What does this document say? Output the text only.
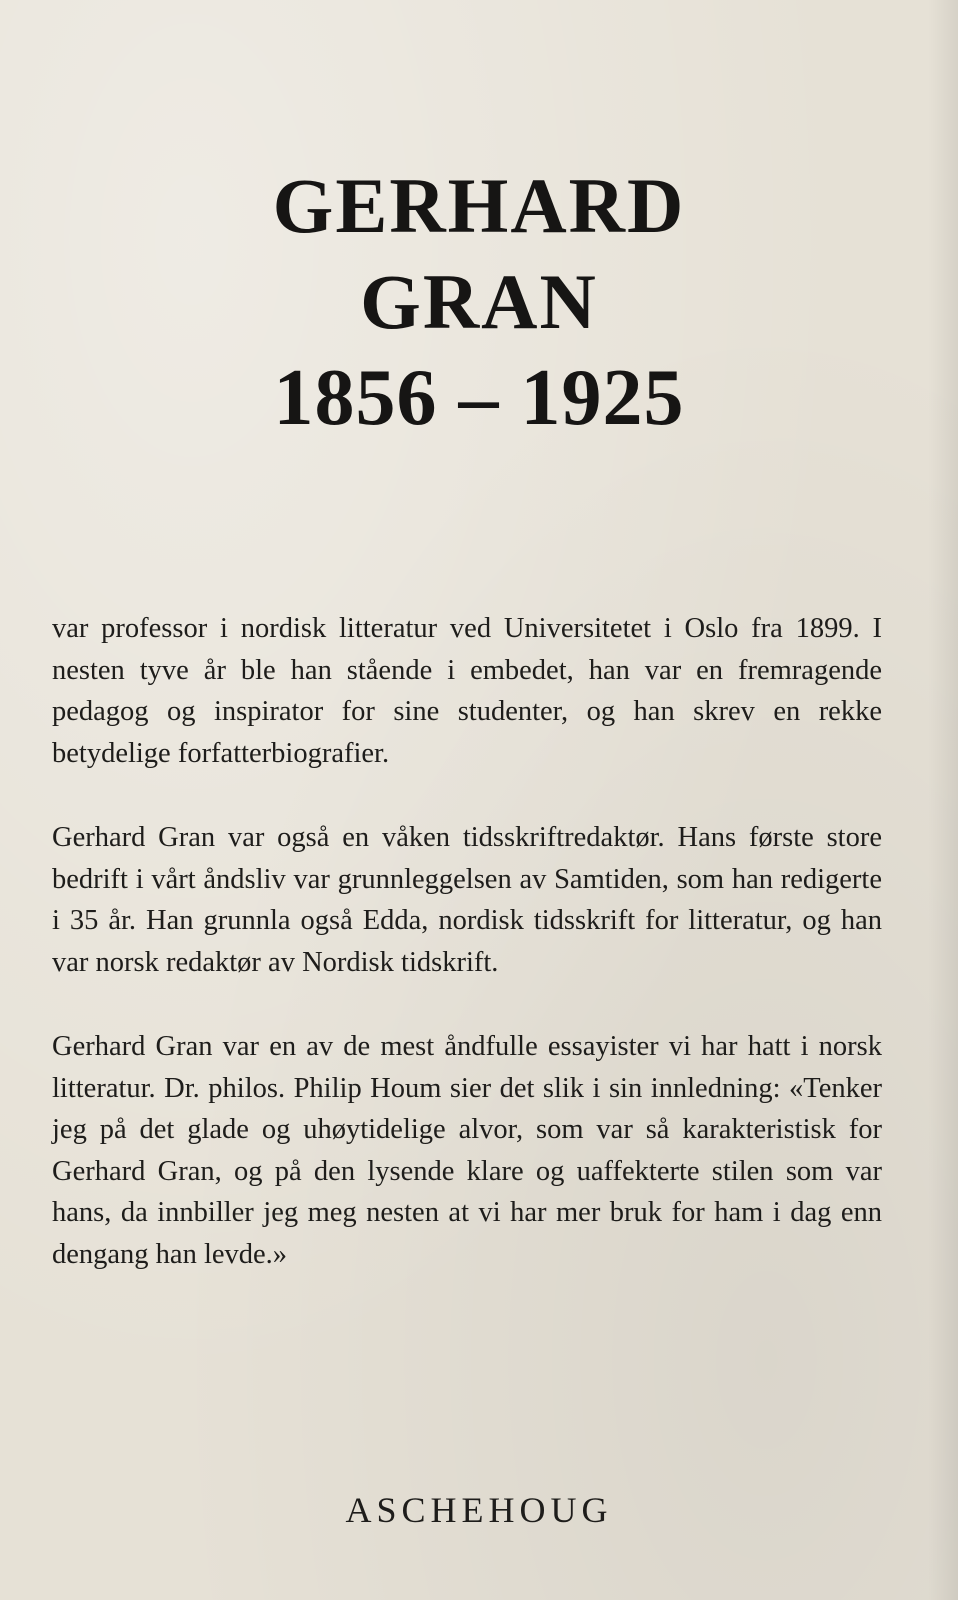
GERHARD
GRAN
1856 – 1925

var professor i nordisk litteratur ved Universitetet i Oslo fra 1899. I nesten tyve år ble han stående i embedet, han var en fremragende pedagog og inspirator for sine studenter, og han skrev en rekke betydelige forfatterbiografier.

Gerhard Gran var også en våken tidsskriftredaktør. Hans første store bedrift i vårt åndsliv var grunnleggelsen av Samtiden, som han redigerte i 35 år. Han grunnla også Edda, nordisk tidsskrift for litteratur, og han var norsk redaktør av Nordisk tidskrift.

Gerhard Gran var en av de mest åndfulle essayister vi har hatt i norsk litteratur. Dr. philos. Philip Houm sier det slik i sin innledning: «Tenker jeg på det glade og uhøytidelige alvor, som var så karakteristisk for Gerhard Gran, og på den lysende klare og uaffekterte stilen som var hans, da innbiller jeg meg nesten at vi har mer bruk for ham i dag enn dengang han levde.»

ASCHEHOUG
